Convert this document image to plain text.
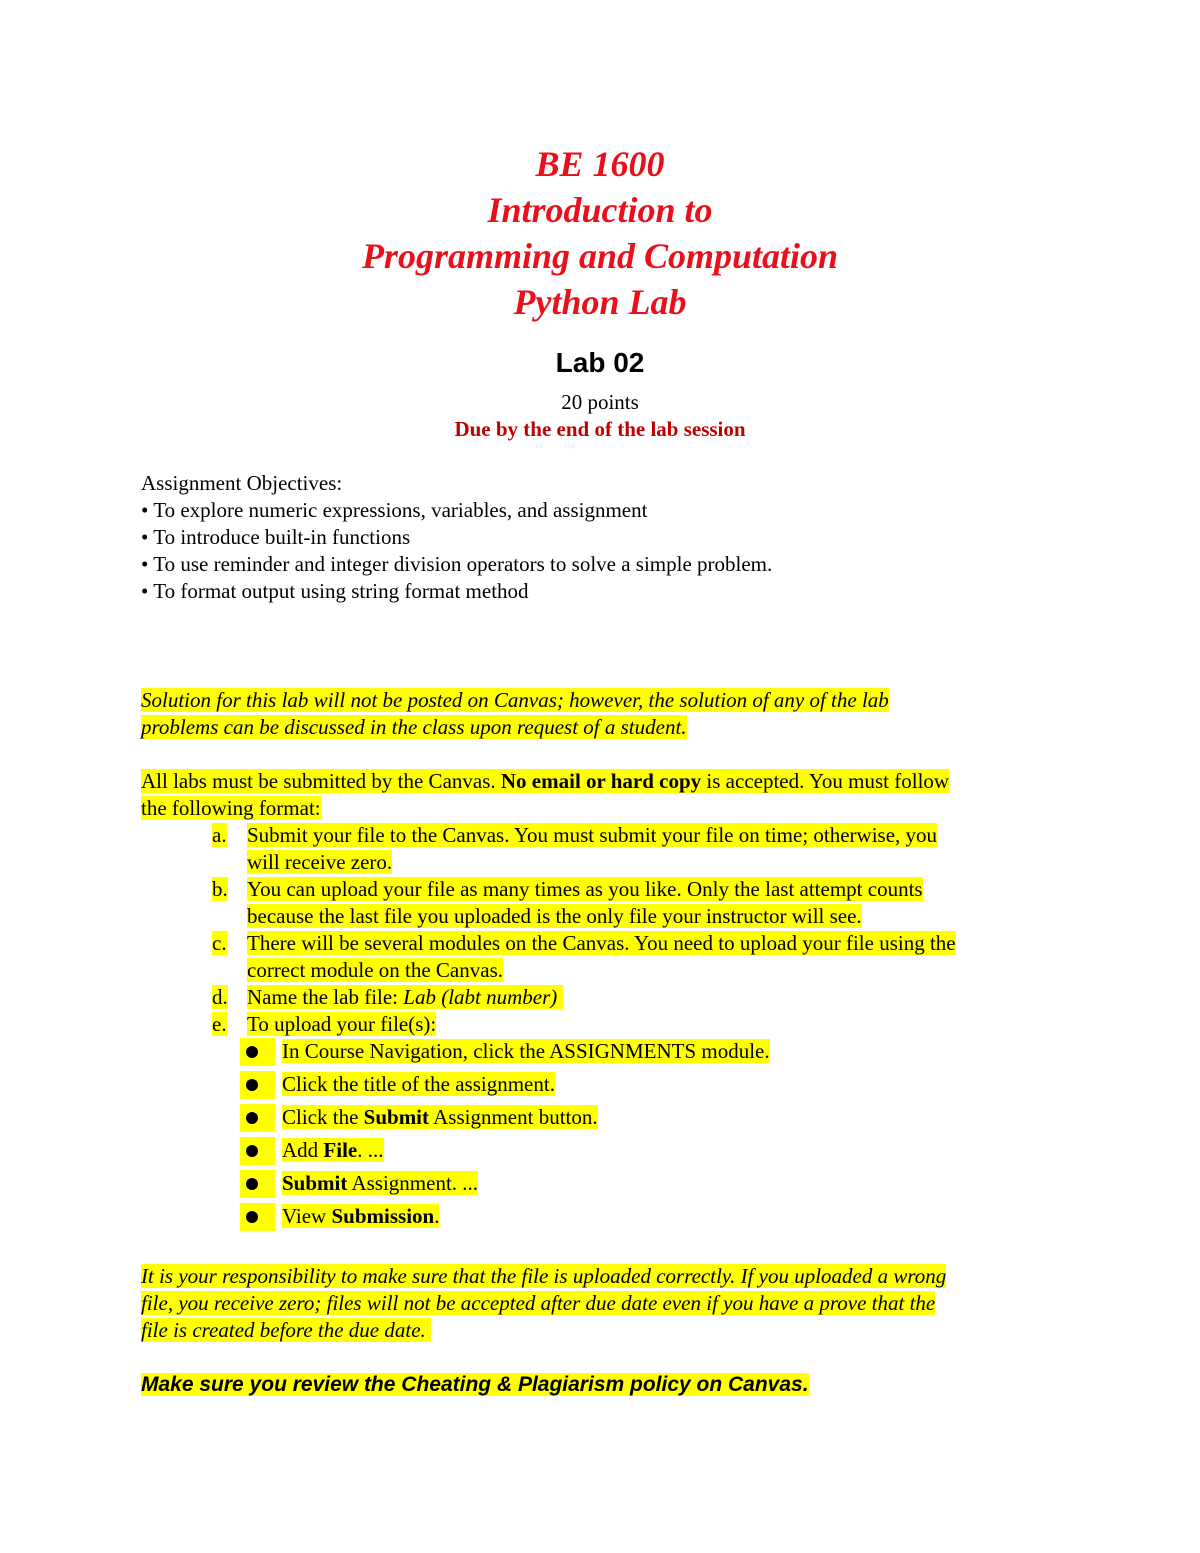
BE 1600
Introduction to
Programming and Computation
Python Lab
Lab 02
20 points
Due by the end of the lab session
Assignment Objectives:
• To explore numeric expressions, variables, and assignment
• To introduce built-in functions
• To use reminder and integer division operators to solve a simple problem.
• To format output using string format method
Solution for this lab will not be posted on Canvas; however, the solution of any of the lab
problems can be discussed in the class upon request of a student.
All labs must be submitted by the Canvas. No email or hard copy is accepted. You must follow
the following format:
a. Submit your file to the Canvas. You must submit your file on time; otherwise, you
will receive zero.
b. You can upload your file as many times as you like. Only the last attempt counts
because the last file you uploaded is the only file your instructor will see.
c. There will be several modules on the Canvas. You need to upload your file using the
correct module on the Canvas.
d. Name the lab file: Lab (labt number)
e. To upload your file(s):
In Course Navigation, click the ASSIGNMENTS module.
Click the title of the assignment.
Click the Submit Assignment button.
Add File. ...
Submit Assignment. ...
View Submission.
It is your responsibility to make sure that the file is uploaded correctly. If you uploaded a wrong
file, you receive zero; files will not be accepted after due date even if you have a prove that the
file is created before the due date.
Make sure you review the Cheating & Plagiarism policy on Canvas.
